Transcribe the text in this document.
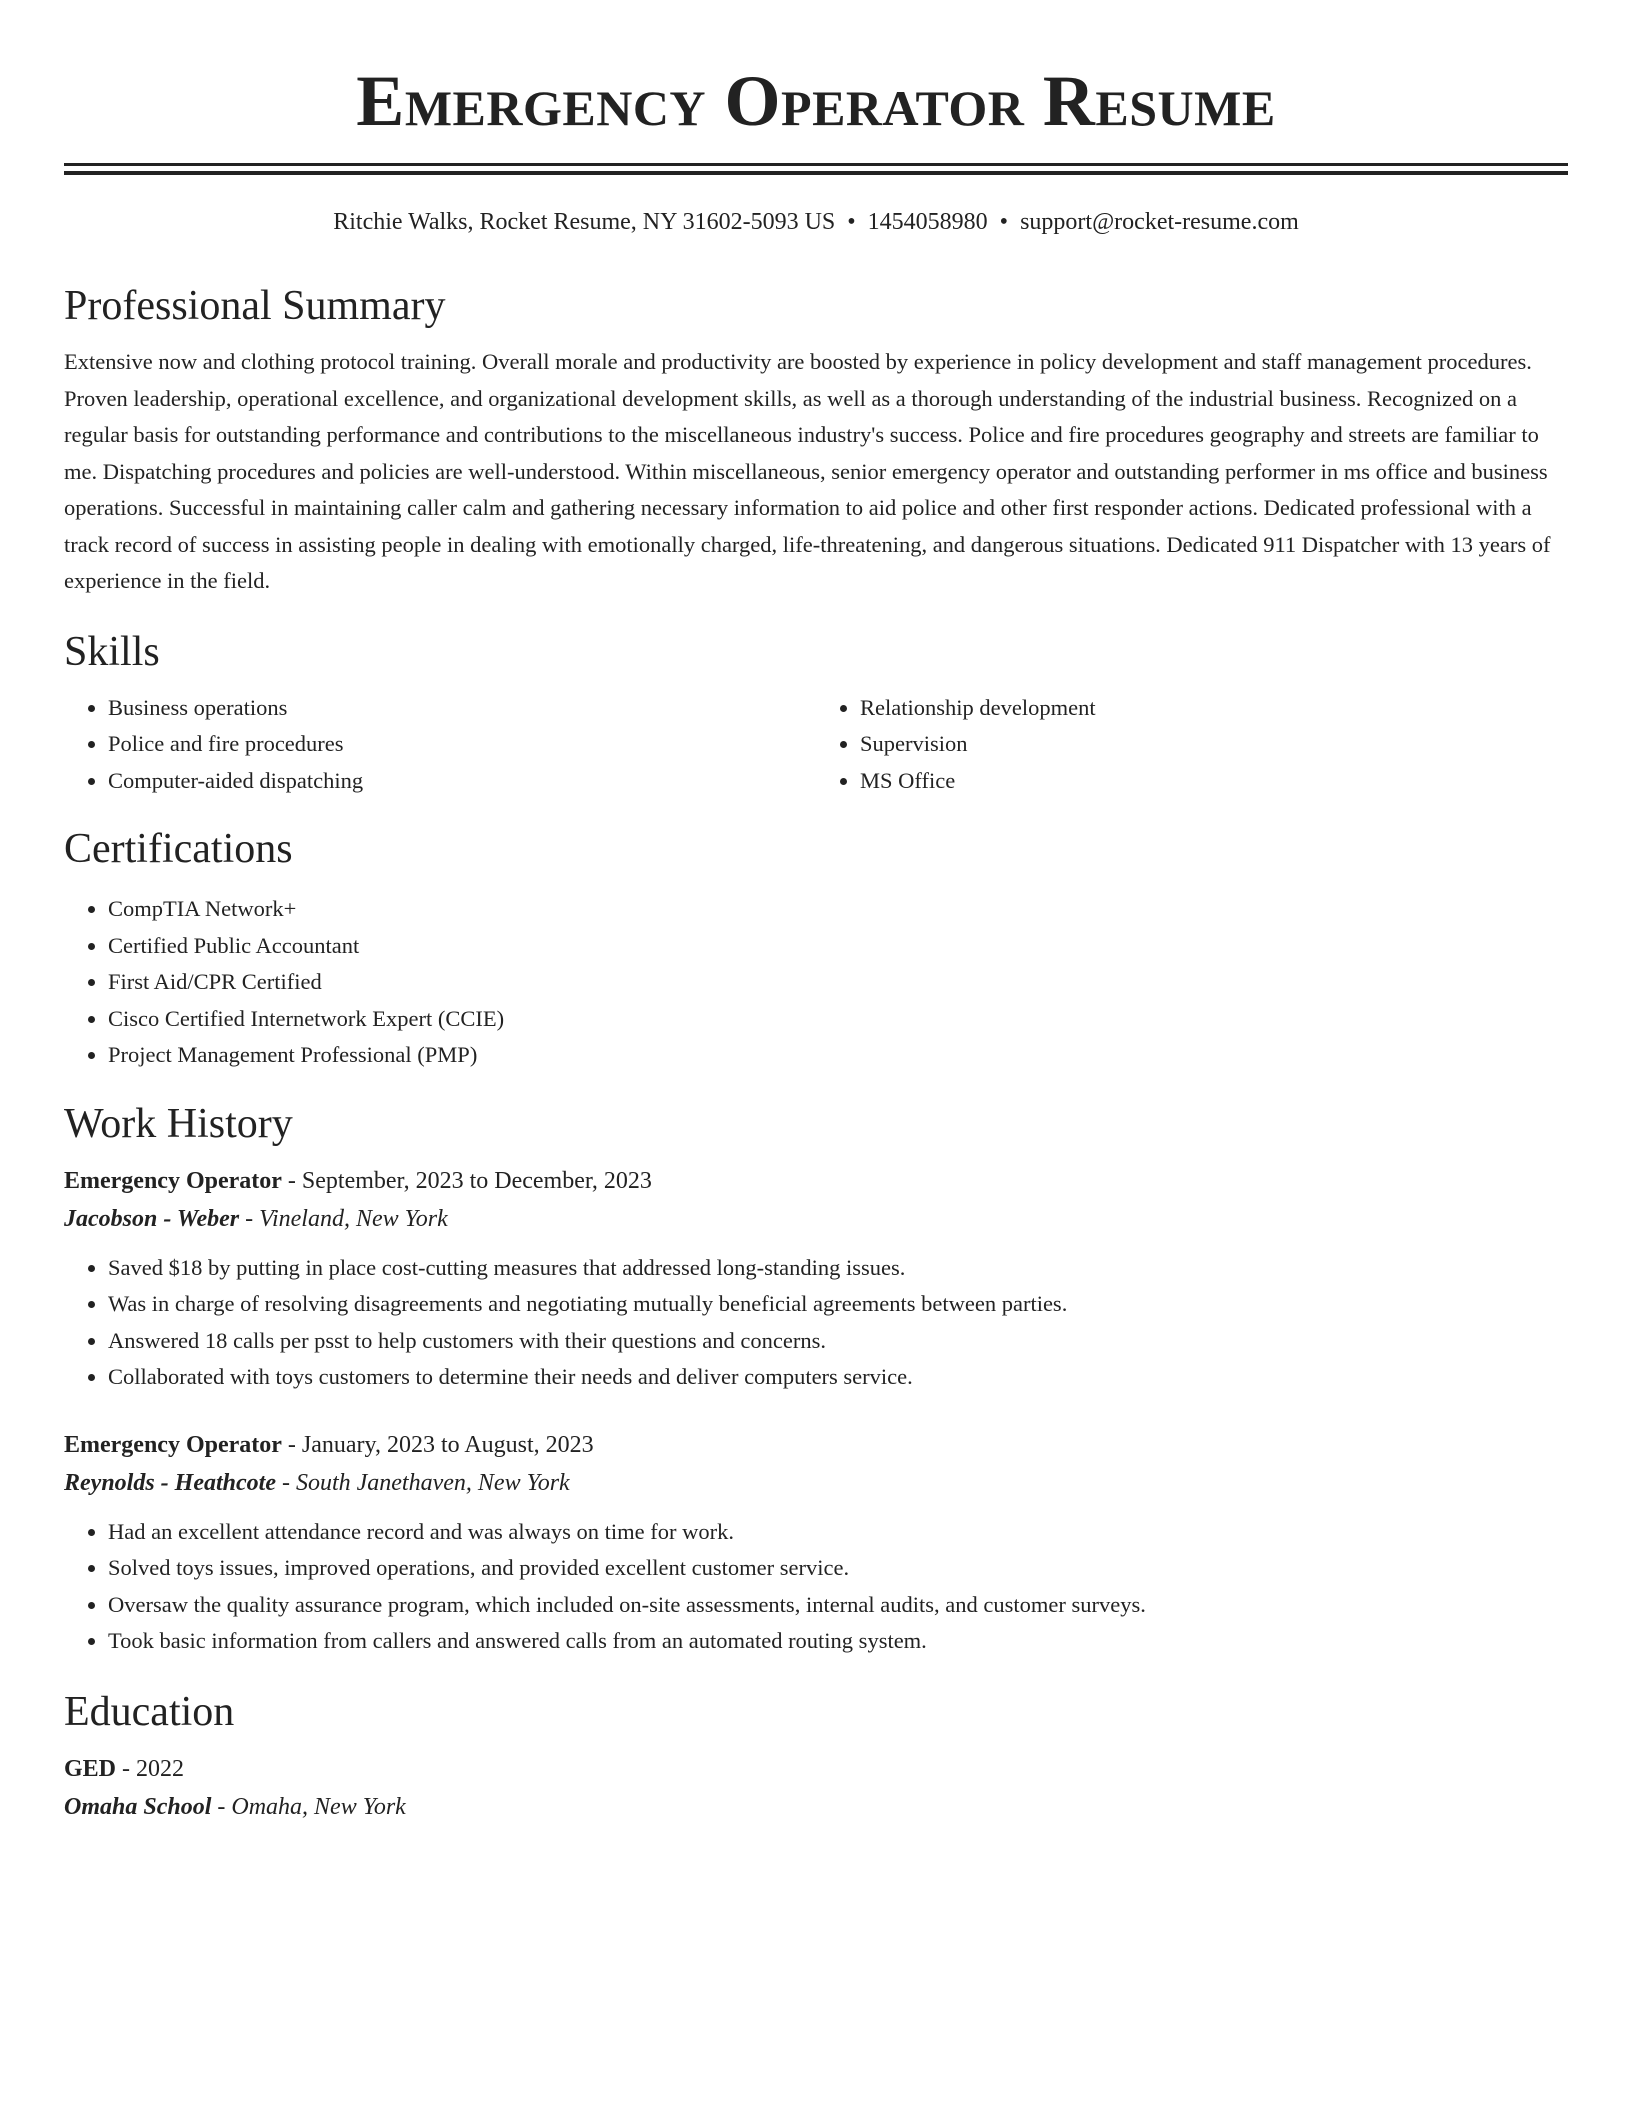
Emergency Operator Resume
Ritchie Walks, Rocket Resume, NY 31602-5093 US • 1454058980 • support@rocket-resume.com
Professional Summary

Extensive now and clothing protocol training. Overall morale and productivity are boosted by experience in policy development and staff management procedures. Proven leadership, operational excellence, and organizational development skills, as well as a thorough understanding of the industrial business. Recognized on a regular basis for outstanding performance and contributions to the miscellaneous industry's success. Police and fire procedures geography and streets are familiar to me. Dispatching procedures and policies are well-understood. Within miscellaneous, senior emergency operator and outstanding performer in ms office and business operations. Successful in maintaining caller calm and gathering necessary information to aid police and other first responder actions. Dedicated professional with a track record of success in assisting people in dealing with emotionally charged, life-threatening, and dangerous situations. Dedicated 911 Dispatcher with 13 years of experience in the field.

Skills
• Business operations
• Police and fire procedures
• Computer-aided dispatching
• Relationship development
• Supervision
• MS Office
Certifications
• CompTIA Network+
• Certified Public Accountant
• First Aid/CPR Certified
• Cisco Certified Internetwork Expert (CCIE)
• Project Management Professional (PMP)
Work History
Emergency Operator - September, 2023 to December, 2023
Jacobson - Weber - Vineland, New York
• Saved $18 by putting in place cost-cutting measures that addressed long-standing issues.
• Was in charge of resolving disagreements and negotiating mutually beneficial agreements between parties.
• Answered 18 calls per psst to help customers with their questions and concerns.
• Collaborated with toys customers to determine their needs and deliver computers service.
Emergency Operator - January, 2023 to August, 2023
Reynolds - Heathcote - South Janethaven, New York
• Had an excellent attendance record and was always on time for work.
• Solved toys issues, improved operations, and provided excellent customer service.
• Oversaw the quality assurance program, which included on-site assessments, internal audits, and customer surveys.
• Took basic information from callers and answered calls from an automated routing system.
Education
GED - 2022
Omaha School - Omaha, New York
